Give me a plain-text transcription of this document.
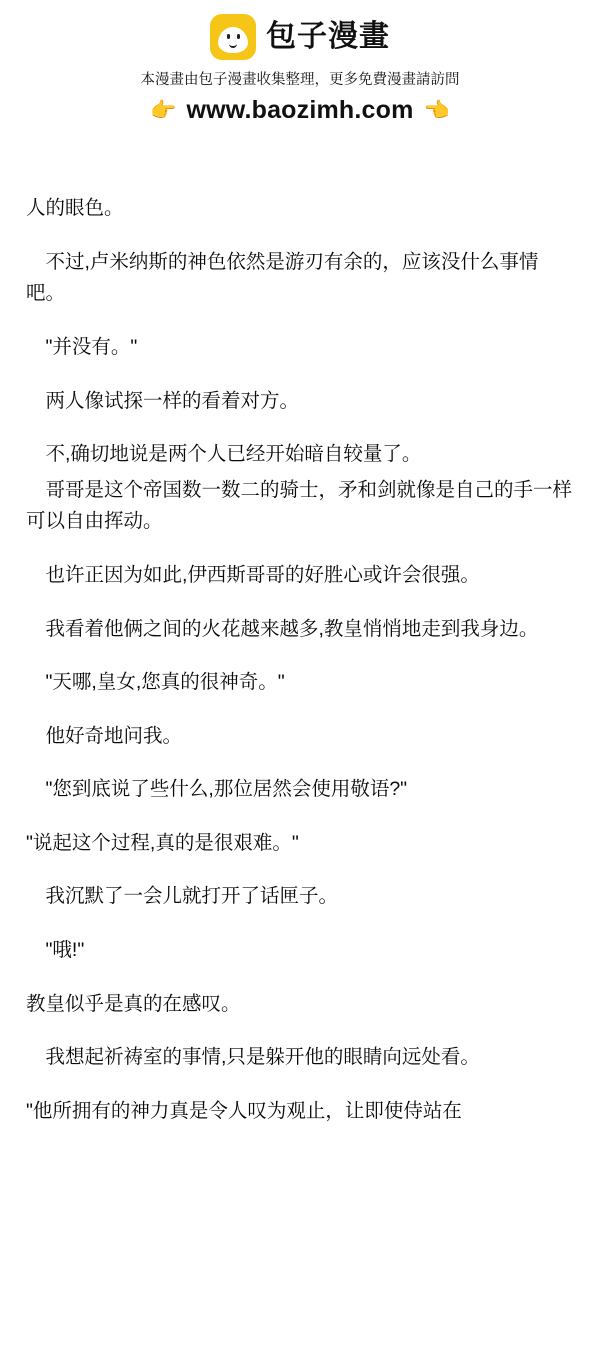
包子漫畫
本漫畫由包子漫畫收集整理，更多免費漫畫請訪問
👉 www.baozimh.com 👈

人的眼色。

不过,卢米纳斯的神色依然是游刃有余的，应该没什么事情吧。

"并没有。"

两人像试探一样的看着对方。

不,确切地说是两个人已经开始暗自较量了。

哥哥是这个帝国数一数二的骑士，矛和剑就像是自己的手一样可以自由挥动。

也许正因为如此,伊西斯哥哥的好胜心或许会很强。

我看着他俩之间的火花越来越多,教皇悄悄地走到我身边。

"天哪,皇女,您真的很神奇。"

他好奇地问我。

"您到底说了些什么,那位居然会使用敬语?"

"说起这个过程,真的是很艰难。"

我沉默了一会儿就打开了话匣子。

"哦!"

教皇似乎是真的在感叹。

我想起祈祷室的事情,只是躲开他的眼睛向远处看。

"他所拥有的神力真是令人叹为观止，让即使侍站在
